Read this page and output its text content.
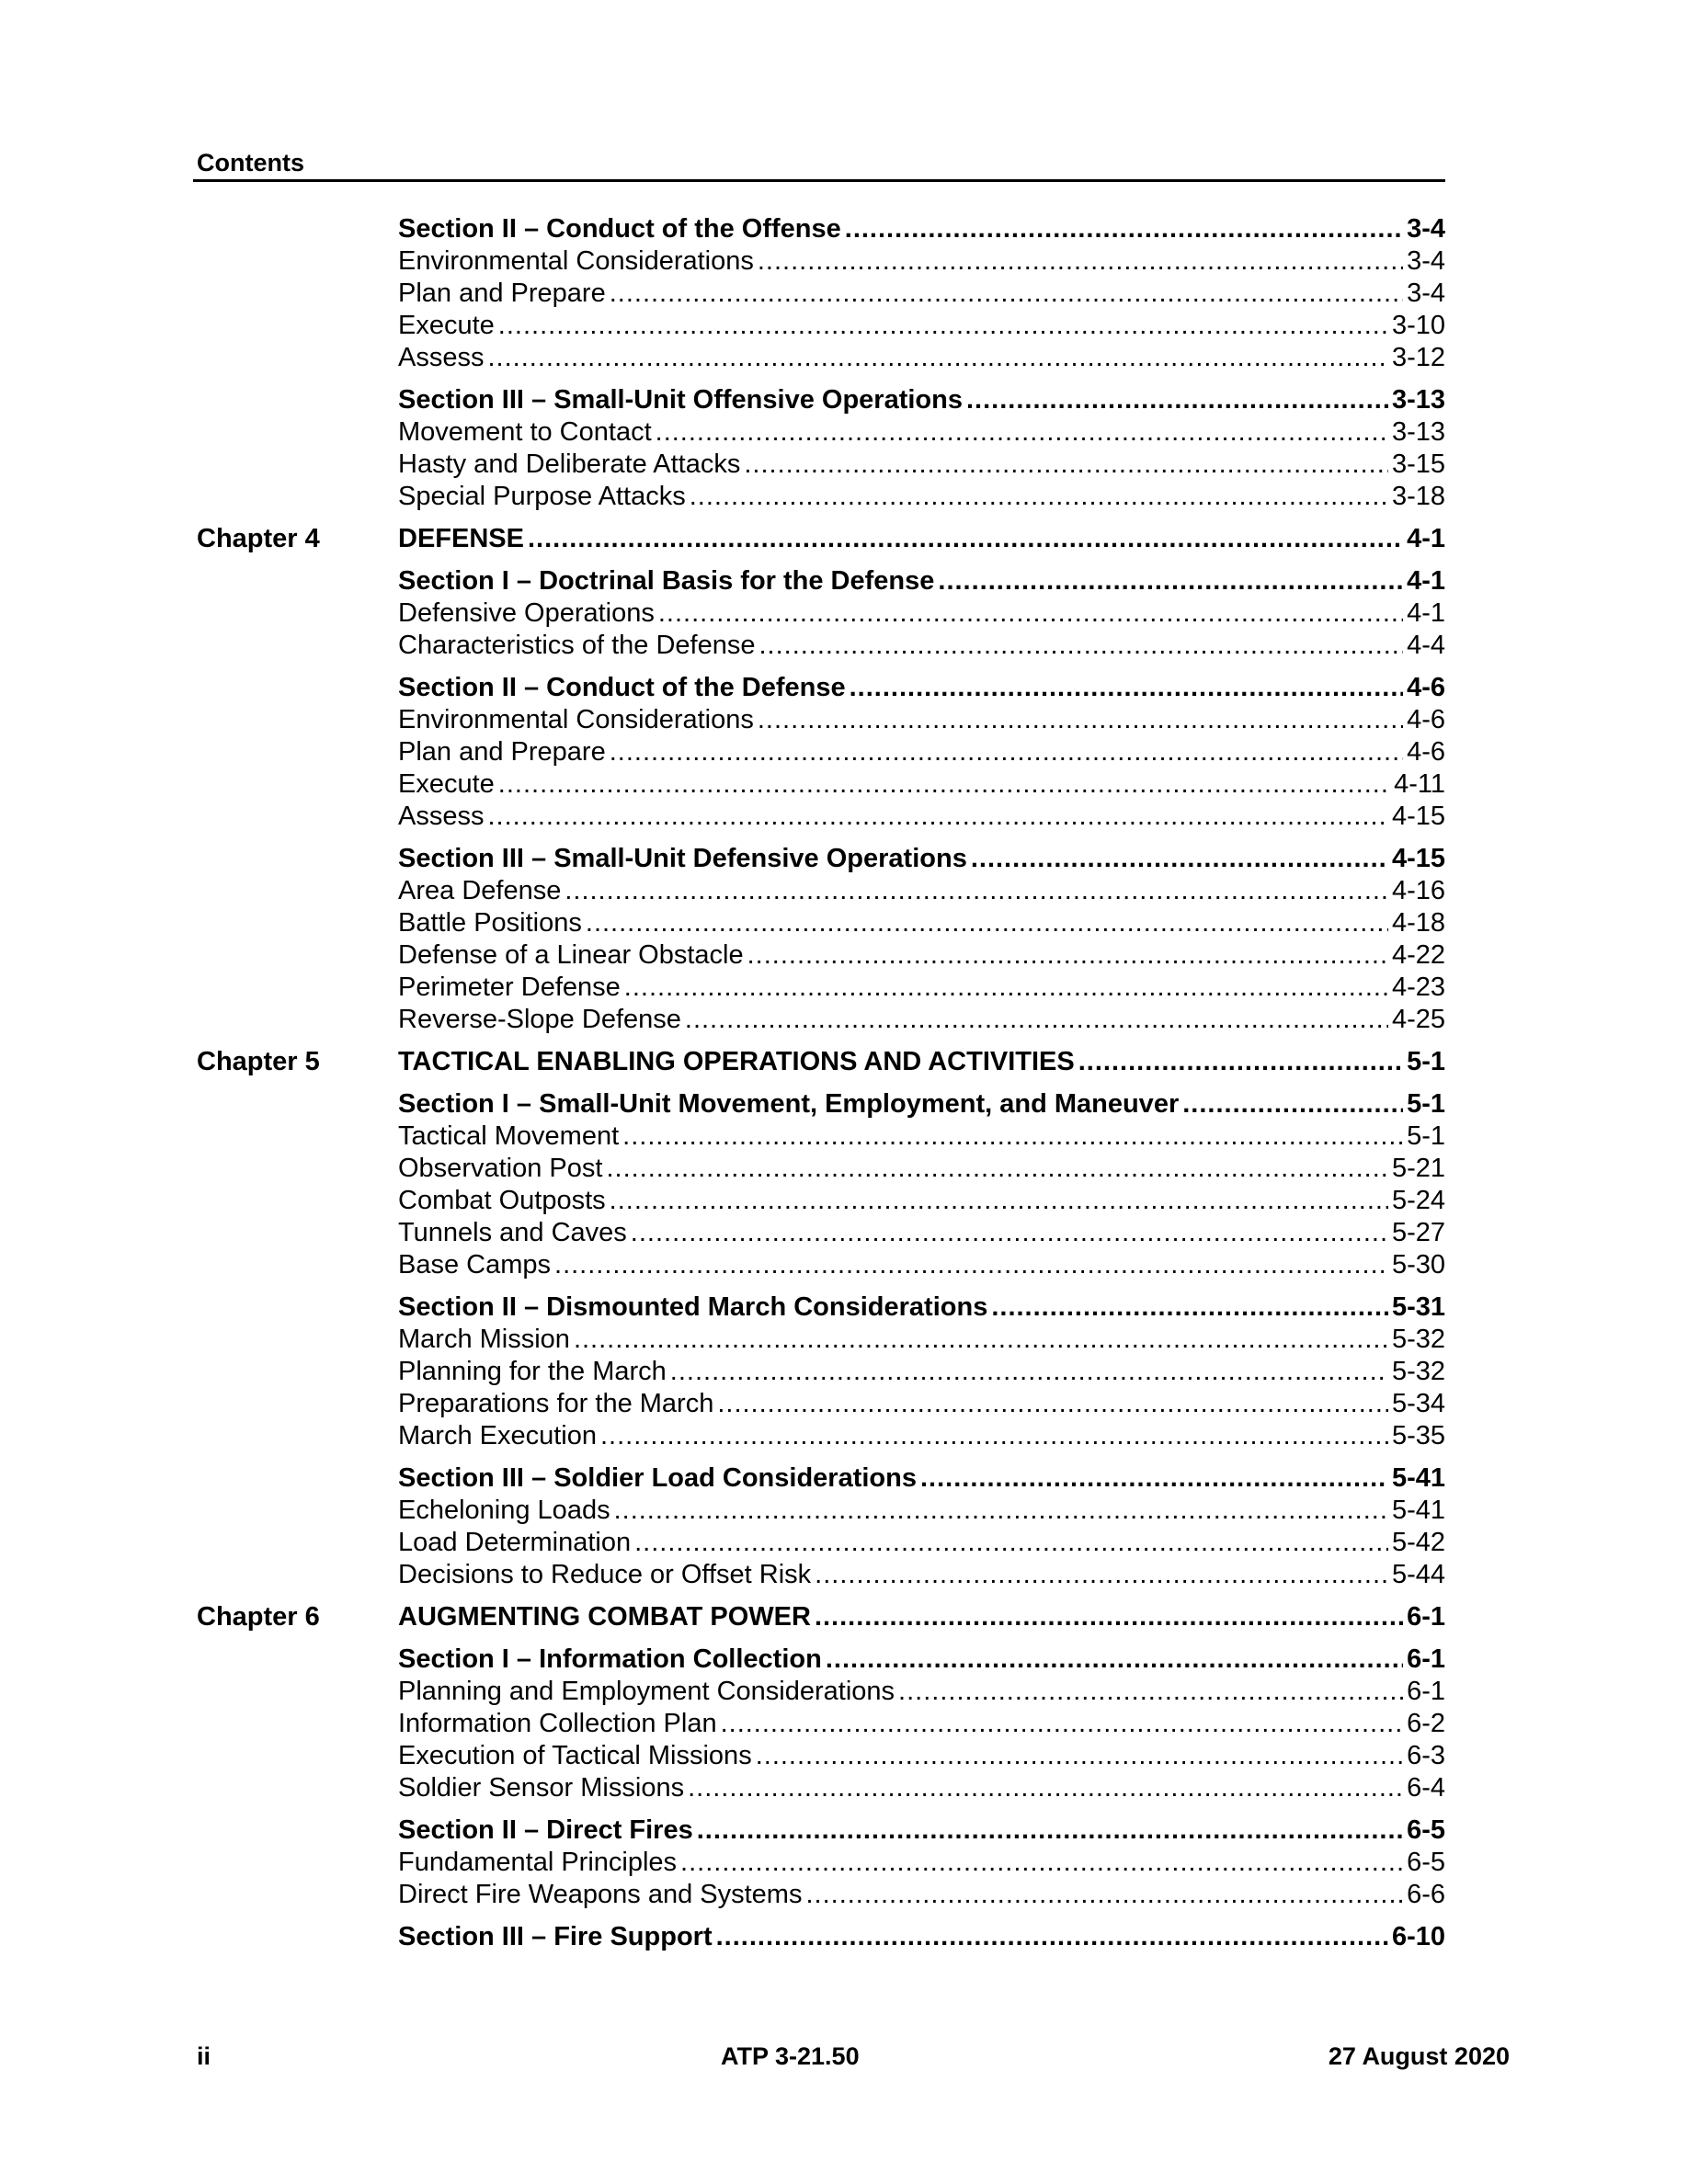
Contents
Section II – Conduct of the Offense .....	3-4
Environmental Considerations .....	3-4
Plan and Prepare .....	3-4
Execute .....	3-10
Assess .....	3-12
Section III – Small-Unit Offensive Operations .....	3-13
Movement to Contact .....	3-13
Hasty and Deliberate Attacks .....	3-15
Special Purpose Attacks .....	3-18
Chapter 4	DEFENSE .....	4-1
Section I – Doctrinal Basis for the Defense .....	4-1
Defensive Operations .....	4-1
Characteristics of the Defense .....	4-4
Section II – Conduct of the Defense .....	4-6
Environmental Considerations .....	4-6
Plan and Prepare .....	4-6
Execute .....	4-11
Assess .....	4-15
Section III – Small-Unit Defensive Operations .....	4-15
Area Defense .....	4-16
Battle Positions .....	4-18
Defense of a Linear Obstacle .....	4-22
Perimeter Defense .....	4-23
Reverse-Slope Defense .....	4-25
Chapter 5	TACTICAL ENABLING OPERATIONS AND ACTIVITIES .....	5-1
Section I – Small-Unit Movement, Employment, and Maneuver .....	5-1
Tactical Movement .....	5-1
Observation Post .....	5-21
Combat Outposts .....	5-24
Tunnels and Caves .....	5-27
Base Camps .....	5-30
Section II – Dismounted March Considerations .....	5-31
March Mission .....	5-32
Planning for the March .....	5-32
Preparations for the March .....	5-34
March Execution .....	5-35
Section III – Soldier Load Considerations .....	5-41
Echeloning Loads .....	5-41
Load Determination .....	5-42
Decisions to Reduce or Offset Risk .....	5-44
Chapter 6	AUGMENTING COMBAT POWER .....	6-1
Section I – Information Collection .....	6-1
Planning and Employment Considerations .....	6-1
Information Collection Plan .....	6-2
Execution of Tactical Missions .....	6-3
Soldier Sensor Missions .....	6-4
Section II – Direct Fires .....	6-5
Fundamental Principles .....	6-5
Direct Fire Weapons and Systems .....	6-6
Section III – Fire Support .....	6-10
ii	ATP 3-21.50	27 August 2020
